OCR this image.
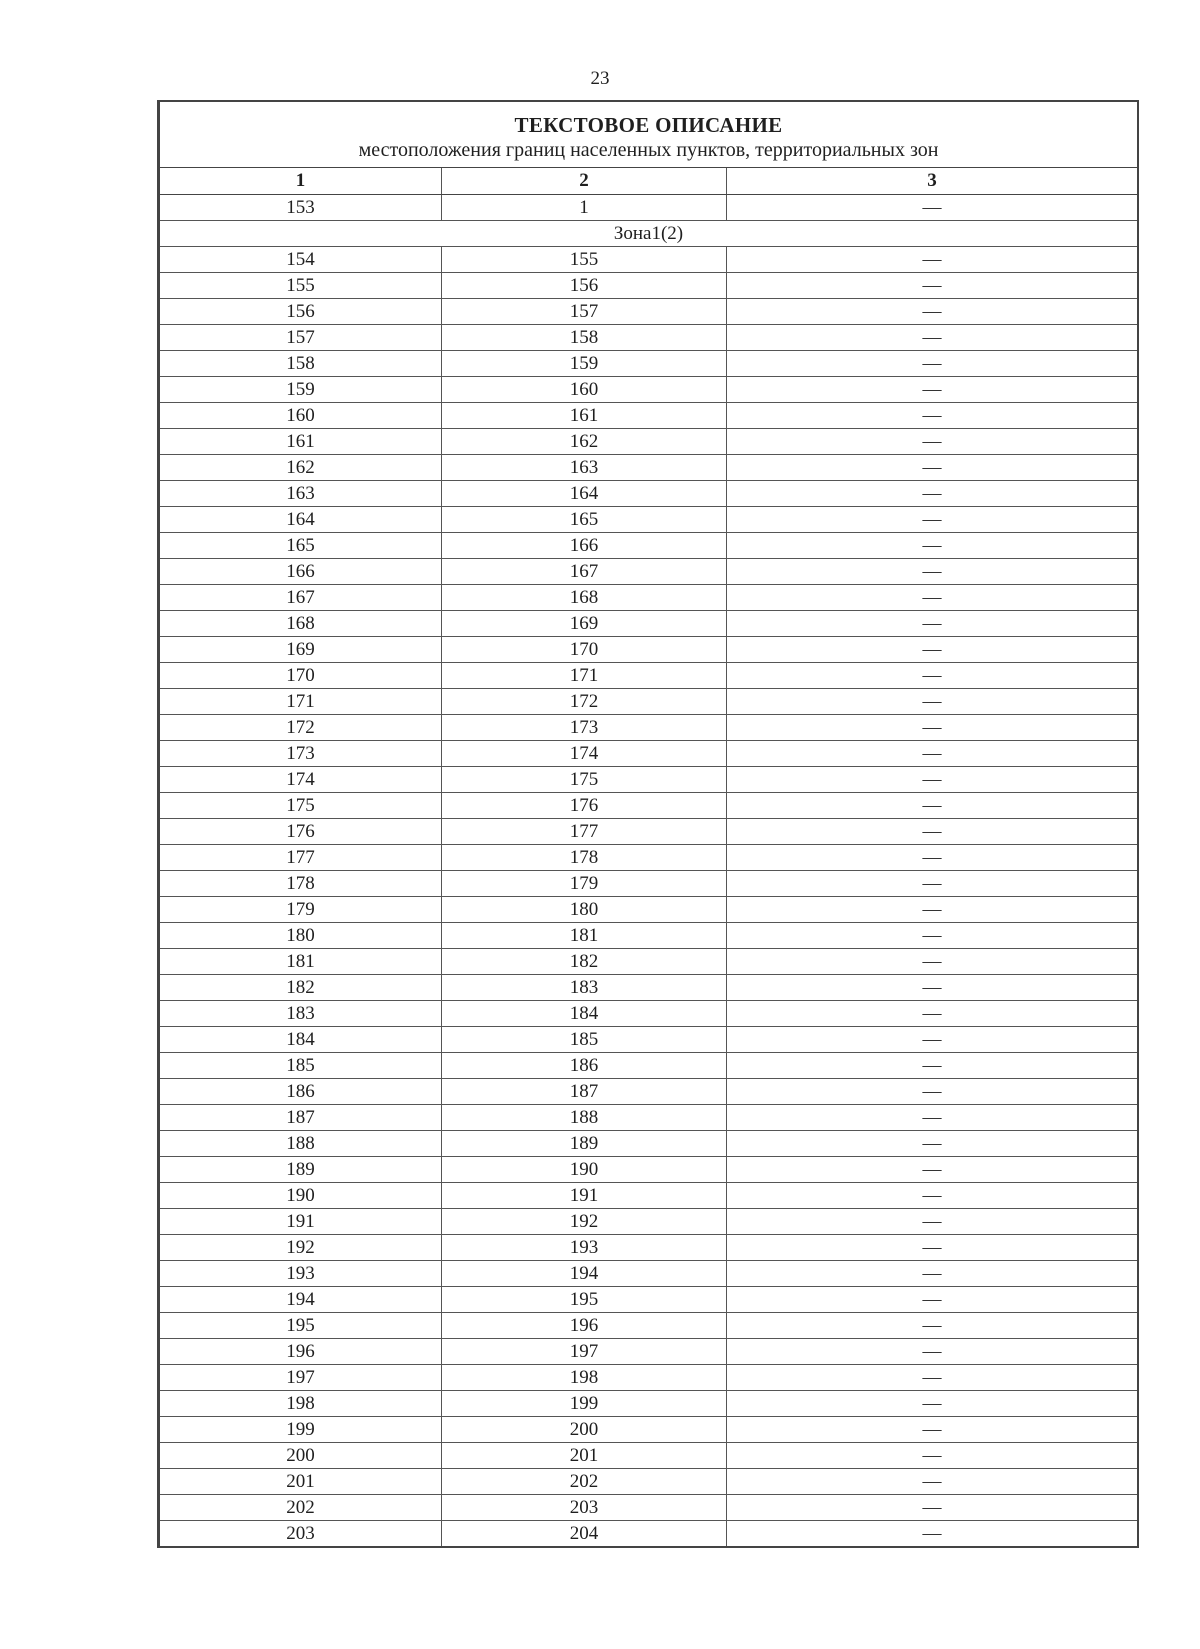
23
ТЕКСТОВОЕ ОПИСАНИЕ
местоположения границ населенных пунктов, территориальных зон
1	2	3
153	1	—
Зона1(2)		
154	155	—
155	156	—
156	157	—
157	158	—
158	159	—
159	160	—
160	161	—
161	162	—
162	163	—
163	164	—
164	165	—
165	166	—
166	167	—
167	168	—
168	169	—
169	170	—
170	171	—
171	172	—
172	173	—
173	174	—
174	175	—
175	176	—
176	177	—
177	178	—
178	179	—
179	180	—
180	181	—
181	182	—
182	183	—
183	184	—
184	185	—
185	186	—
186	187	—
187	188	—
188	189	—
189	190	—
190	191	—
191	192	—
192	193	—
193	194	—
194	195	—
195	196	—
196	197	—
197	198	—
198	199	—
199	200	—
200	201	—
201	202	—
202	203	—
203	204	—
